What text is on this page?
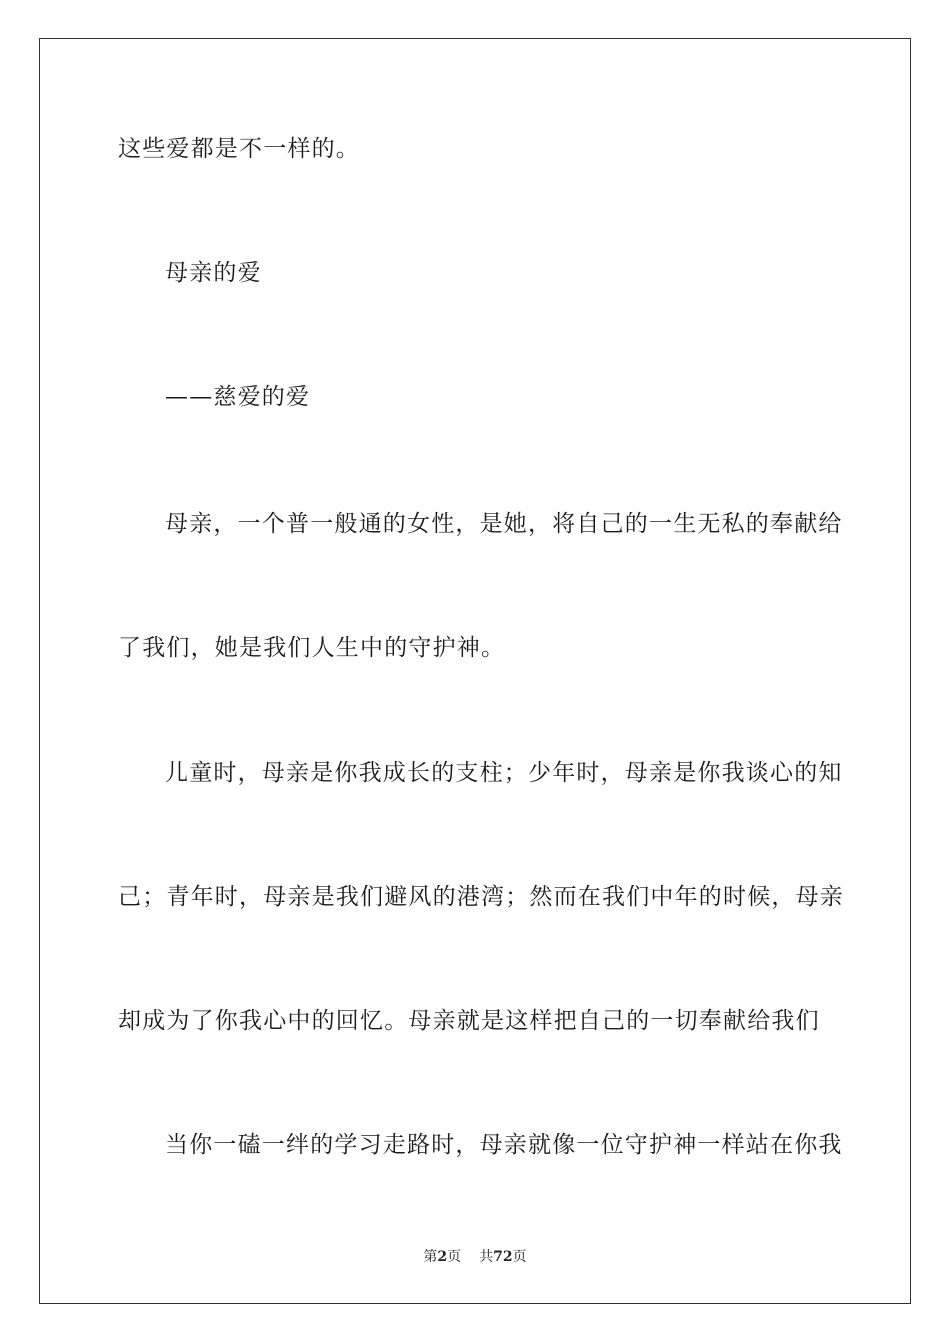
这些爱都是不一样的。
母亲的爱
——慈爱的爱
母亲，一个普一般通的女性，是她，将自己的一生无私的奉献给
了我们，她是我们人生中的守护神。
儿童时，母亲是你我成长的支柱；少年时，母亲是你我谈心的知
己；青年时，母亲是我们避风的港湾；然而在我们中年的时候，母亲
却成为了你我心中的回忆。母亲就是这样把自己的一切奉献给我们
当你一磕一绊的学习走路时，母亲就像一位守护神一样站在你我
第2页 共72页
